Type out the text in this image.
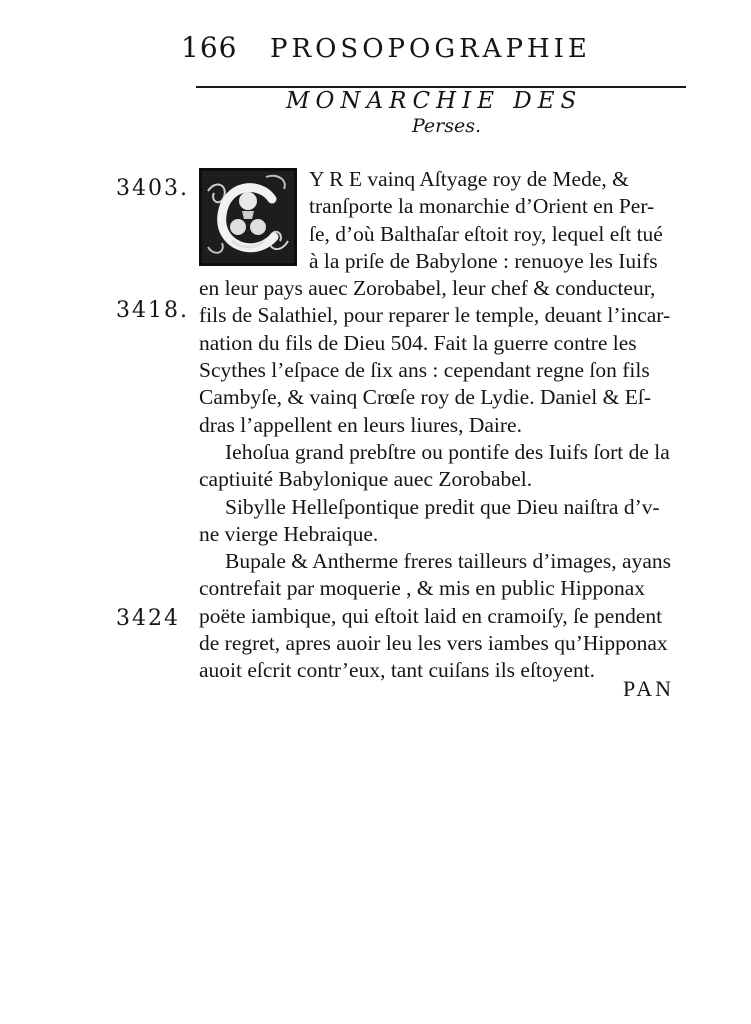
166 PROSOPOGRAPHIE
MONARCHIE DES
Perses.
3403.
3418.
3424
Y R E vainq Aſtyage roy de Mede, &
tranſporte la monarchie d’Orient en Per-
ſe, d’où Balthaſar eſtoit roy, lequel eſt tué
à la priſe de Babylone : renuoye les Iuifs
en leur pays auec Zorobabel, leur chef & conducteur,
fils de Salathiel, pour reparer le temple, deuant l’incar-
nation du fils de Dieu 504. Fait la guerre contre les
Scythes l’eſpace de ſix ans : cependant regne ſon fils
Cambyſe, & vainq Crœſe roy de Lydie. Daniel & Eſ-
dras l’appellent en leurs liures, Daire.
Iehoſua grand prebſtre ou pontife des Iuifs ſort de la
captiuité Babylonique auec Zorobabel.
Sibylle Helleſpontique predit que Dieu naiſtra d’v-
ne vierge Hebraique.
Bupale & Antherme freres tailleurs d’images, ayans
contrefait par moquerie , & mis en public Hipponax
poëte iambique, qui eſtoit laid en cramoiſy, ſe pendent
de regret, apres auoir leu les vers iambes qu’Hipponax
auoit eſcrit contr’eux, tant cuiſans ils eſtoyent.
PAN
